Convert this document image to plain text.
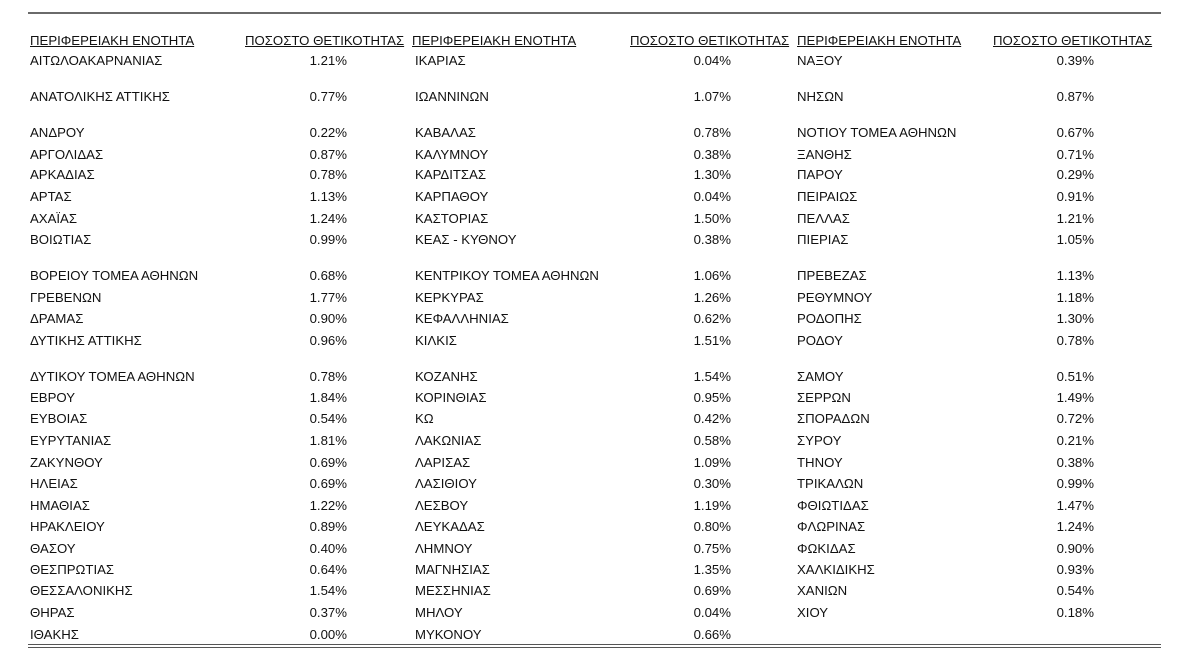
ΠΕΡΙΦΕΡΕΙΑΚΗ ΕΝΟΤΗΤΑ	ΠΟΣΟΣΤΟ ΘΕΤΙΚΟΤΗΤΑΣ ΠΕΡΙΦΕΡΕΙΑΚΗ ΕΝΟΤΗΤΑ	ΠΟΣΟΣΤΟ ΘΕΤΙΚΟΤΗΤΑΣ ΠΕΡΙΦΕΡΕΙΑΚΗ ΕΝΟΤΗΤΑ ΠΟΣΟΣΤΟ ΘΕΤΙΚΟΤΗΤΑΣ
ΑΙΤΩΛΟΑΚΑΡΝΑΝΙΑΣ	1.21%	ΙΚΑΡΙΑΣ	0.04%	ΝΑΞΟΥ	0.39%
ΑΝΑΤΟΛΙΚΗΣ ΑΤΤΙΚΗΣ	0.77%	ΙΩΑΝΝΙΝΩΝ	1.07%	ΝΗΣΩΝ	0.87%
ΑΝΔΡΟΥ	0.22%	ΚΑΒΑΛΑΣ	0.78%	ΝΟΤΙΟΥ ΤΟΜΕΑ ΑΘΗΝΩΝ	0.67%
ΑΡΓΟΛΙΔΑΣ	0.87%	ΚΑΛΥΜΝΟΥ	0.38%	ΞΑΝΘΗΣ	0.71%
ΑΡΚΑΔΙΑΣ	0.78%	ΚΑΡΔΙΤΣΑΣ	1.30%	ΠΑΡΟΥ	0.29%
ΑΡΤΑΣ	1.13%	ΚΑΡΠΑΘΟΥ	0.04%	ΠΕΙΡΑΙΩΣ	0.91%
ΑΧΑΪΑΣ	1.24%	ΚΑΣΤΟΡΙΑΣ	1.50%	ΠΕΛΛΑΣ	1.21%
ΒΟΙΩΤΙΑΣ	0.99%	ΚΕΑΣ - ΚΥΘΝΟΥ	0.38%	ΠΙΕΡΙΑΣ	1.05%
ΒΟΡΕΙΟΥ ΤΟΜΕΑ ΑΘΗΝΩΝ	0.68%	ΚΕΝΤΡΙΚΟΥ ΤΟΜΕΑ ΑΘΗΝΩΝ	1.06%	ΠΡΕΒΕΖΑΣ	1.13%
ΓΡΕΒΕΝΩΝ	1.77%	ΚΕΡΚΥΡΑΣ	1.26%	ΡΕΘΥΜΝΟΥ	1.18%
ΔΡΑΜΑΣ	0.90%	ΚΕΦΑΛΛΗΝΙΑΣ	0.62%	ΡΟΔΟΠΗΣ	1.30%
ΔΥΤΙΚΗΣ ΑΤΤΙΚΗΣ	0.96%	ΚΙΛΚΙΣ	1.51%	ΡΟΔΟΥ	0.78%
ΔΥΤΙΚΟΥ ΤΟΜΕΑ ΑΘΗΝΩΝ	0.78%	ΚΟΖΑΝΗΣ	1.54%	ΣΑΜΟΥ	0.51%
ΕΒΡΟΥ	1.84%	ΚΟΡΙΝΘΙΑΣ	0.95%	ΣΕΡΡΩΝ	1.49%
ΕΥΒΟΙΑΣ	0.54%	ΚΩ	0.42%	ΣΠΟΡΑΔΩΝ	0.72%
ΕΥΡΥΤΑΝΙΑΣ	1.81%	ΛΑΚΩΝΙΑΣ	0.58%	ΣΥΡΟΥ	0.21%
ΖΑΚΥΝΘΟΥ	0.69%	ΛΑΡΙΣΑΣ	1.09%	ΤΗΝΟΥ	0.38%
ΗΛΕΙΑΣ	0.69%	ΛΑΣΙΘΙΟΥ	0.30%	ΤΡΙΚΑΛΩΝ	0.99%
ΗΜΑΘΙΑΣ	1.22%	ΛΕΣΒΟΥ	1.19%	ΦΘΙΩΤΙΔΑΣ	1.47%
ΗΡΑΚΛΕΙΟΥ	0.89%	ΛΕΥΚΑΔΑΣ	0.80%	ΦΛΩΡΙΝΑΣ	1.24%
ΘΑΣΟΥ	0.40%	ΛΗΜΝΟΥ	0.75%	ΦΩΚΙΔΑΣ	0.90%
ΘΕΣΠΡΩΤΙΑΣ	0.64%	ΜΑΓΝΗΣΙΑΣ	1.35%	ΧΑΛΚΙΔΙΚΗΣ	0.93%
ΘΕΣΣΑΛΟΝΙΚΗΣ	1.54%	ΜΕΣΣΗΝΙΑΣ	0.69%	ΧΑΝΙΩΝ	0.54%
ΘΗΡΑΣ	0.37%	ΜΗΛΟΥ	0.04%	ΧΙΟΥ	0.18%
ΙΘΑΚΗΣ	0.00%	ΜΥΚΟΝΟΥ	0.66%
